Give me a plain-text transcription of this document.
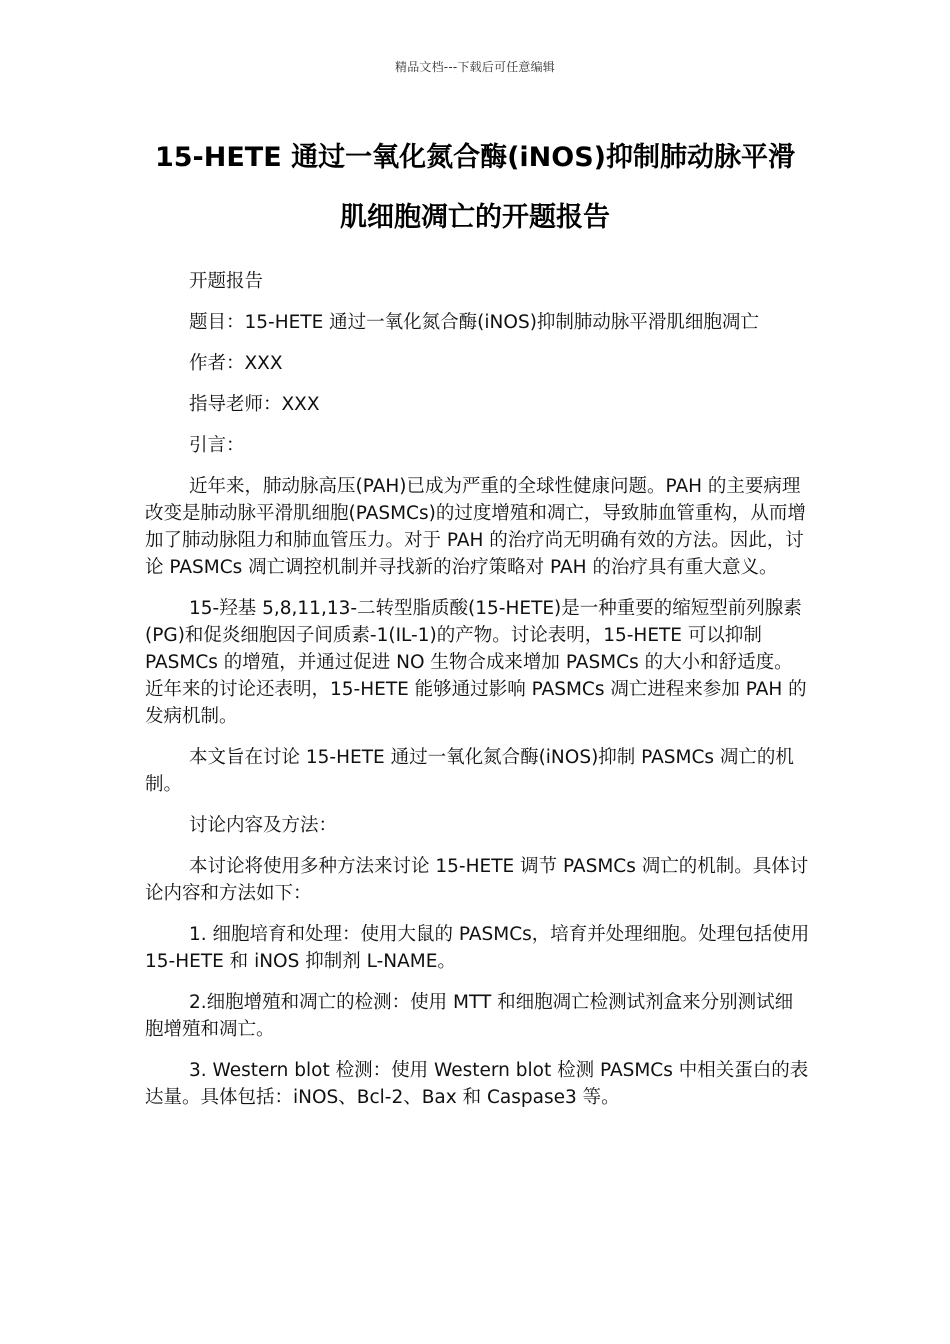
精品文档---下载后可任意编辑
15-HETE 通过一氧化氮合酶(iNOS)抑制肺动脉平滑
肌细胞凋亡的开题报告

开题报告

题目：15-HETE 通过一氧化氮合酶(iNOS)抑制肺动脉平滑肌细胞凋亡

作者：XXX

指导老师：XXX

引言：

近年来，肺动脉高压(PAH)已成为严重的全球性健康问题。PAH 的主要病理改变是肺动脉平滑肌细胞(PASMCs)的过度增殖和凋亡，导致肺血管重构，从而增加了肺动脉阻力和肺血管压力。对于 PAH 的治疗尚无明确有效的方法。因此，讨论 PASMCs 凋亡调控机制并寻找新的治疗策略对 PAH 的治疗具有重大意义。

15-羟基 5,8,11,13-二转型脂质酸(15-HETE)是一种重要的缩短型前列腺素(PG)和促炎细胞因子间质素-1(IL-1)的产物。讨论表明，15-HETE 可以抑制 PASMCs 的增殖，并通过促进 NO 生物合成来增加 PASMCs 的大小和舒适度。近年来的讨论还表明，15-HETE 能够通过影响 PASMCs 凋亡进程来参加 PAH 的发病机制。

本文旨在讨论 15-HETE 通过一氧化氮合酶(iNOS)抑制 PASMCs 凋亡的机制。

讨论内容及方法：

本讨论将使用多种方法来讨论 15-HETE 调节 PASMCs 凋亡的机制。具体讨论内容和方法如下：

1. 细胞培育和处理：使用大鼠的 PASMCs，培育并处理细胞。处理包括使用 15-HETE 和 iNOS 抑制剂 L-NAME。

2.细胞增殖和凋亡的检测：使用 MTT 和细胞凋亡检测试剂盒来分别测试细胞增殖和凋亡。

3. Western blot 检测：使用 Western blot 检测 PASMCs 中相关蛋白的表达量。具体包括：iNOS、Bcl-2、Bax 和 Caspase3 等。
